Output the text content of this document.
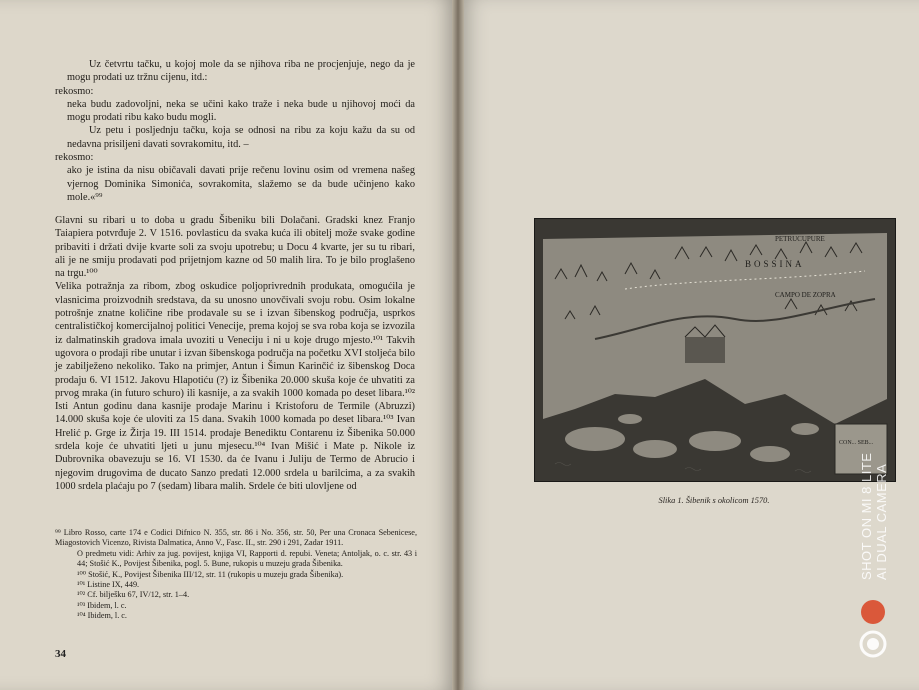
Uz četvrtu tačku, u kojoj mole da se njihova riba ne procjenjuje, nego da je mogu prodati uz tržnu cijenu, itd.:

rekosmo:

neka budu zadovoljni, neka se učini kako traže i neka bude u njihovoj moći da mogu prodati ribu kako budu mogli.

Uz petu i posljednju tačku, koja se odnosi na ribu za koju kažu da su od nedavna prisiljeni davati sovrakomitu, itd. –

rekosmo:

ako je istina da nisu običavali davati prije rečenu lovinu osim od vremena našeg vjernog Dominika Simonića, sovrakomita, slažemo se da bude učinjeno kako mole.«⁹⁹

Glavni su ribari u to doba u gradu Šibeniku bili Dolačani. Gradski knez Franjo Taiapiera potvrđuje 2. V 1516. povlasticu da svaka kuća ili obitelj može svake godine pribaviti i držati dvije kvarte soli za svoju upotrebu; u Docu 4 kvarte, jer su tu ribari, ali je ne smiju prodavati pod prijetnjom kazne od 50 malih lira. To je bilo proglašeno na trgu.¹⁰⁰

Velika potražnja za ribom, zbog oskudice poljoprivrednih produkata, omogućila je vlasnicima proizvodnih sredstava, da su unosno unovčivali svoju robu. Osim lokalne potrošnje znatne količine ribe prodavale su se i izvan šibenskog područja, usprkos centralističkoj komercijalnoj politici Venecije, prema kojoj se sva roba koja se izvozila iz dalmatinskih gradova imala uvoziti u Veneciju i ni u koje drugo mjesto.¹⁰¹ Takvih ugovora o prodaji ribe unutar i izvan šibenskoga područja na početku XVI stoljeća bilo je zabilježeno nekoliko. Tako na primjer, Antun i Šimun Karinčić iz šibenskog Doca prodaju 6. VI 1512. Jakovu Hlapotiću (?) iz Šibenika 20.000 skuša koje će uhvatiti za prvog mraka (in futuro schuro) ili kasnije, a za svakih 1000 komada po deset libara.¹⁰² Isti Antun godinu dana kasnije prodaje Marinu i Kristoforu de Termile (Abruzzi) 14.000 skuša koje će uloviti za 15 dana. Svakih 1000 komada po deset libara.¹⁰³ Ivan Hrelić p. Grge iz Žirja 19. III 1514. prodaje Benediktu Contarenu iz Šibenika 50.000 srdela koje će uhvatiti ljeti u junu mjesecu.¹⁰⁴ Ivan Mišić i Mate p. Nikole iz Dubrovnika obavezuju se 16. VI 1530. da će Ivanu i Juliju de Termo de Abrucio i njegovim drugovima de ducato Sanzo predati 12.000 srdela u barilcima, a za svakih 1000 srdela plaćaju po 7 (sedam) libara malih. Srdele će biti ulovljene od

⁹⁹ Libro Rosso, carte 174 e Codici Difnico N. 355, str. 86 i No. 356, str. 50, Per una Cronaca Sebenicese, Miagostovich Vicenzo, Rivista Dalmatica, Anno V., Fasc. II., str. 290 i 291, Zadar 1911.

O predmetu vidi: Arhiv za jug. povijest, knjiga VI, Rapporti d. repubi. Veneta; Antoljak, o. c. str. 43 i 44; Stošić K., Povijest Šibenika, pogl. 5. Bune, rukopis u muzeju grada Šibenika.

¹⁰⁰ Stošić, K., Povijest Šibenika III/12, str. 11 (rukopis u muzeju grada Šibenika).

¹⁰¹ Listine IX, 449.

¹⁰² Cf. bilješku 67, IV/12, str. 1–4.

¹⁰³ Ibidem, l. c.

¹⁰⁴ Ibidem, l. c.

34
PETRUCUPURE
BOSSINA
CAMPO DE ZOPRA
CON... SEB...
Slika 1. Šibenik s okolicom 1570.	SHOT ON MI 8 LITE AI DUAL CAMERA
